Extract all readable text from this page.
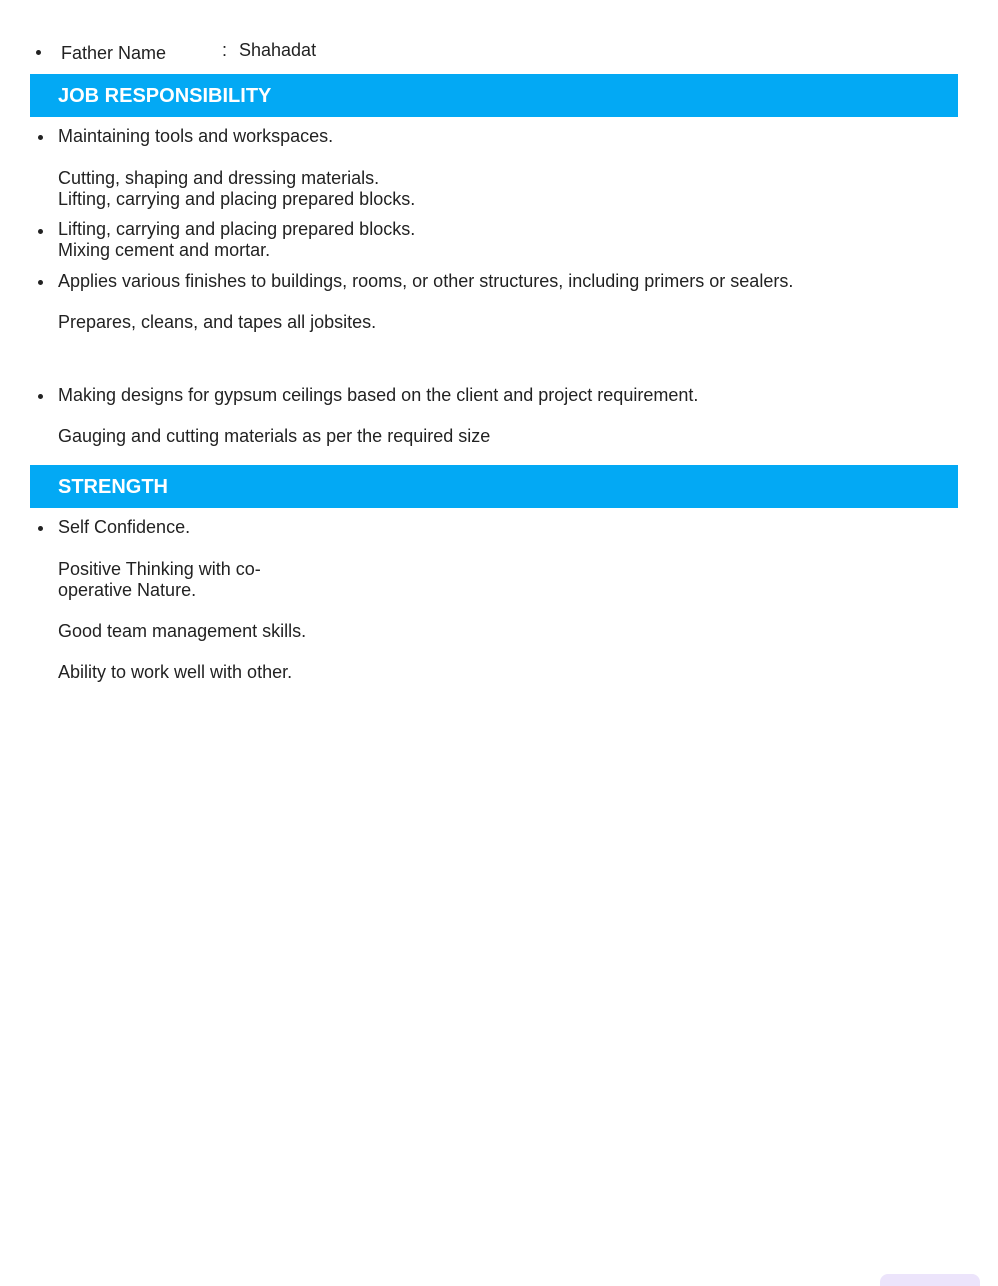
Father Name	: Shahadat
JOB RESPONSIBILITY
Maintaining tools and workspaces.
Cutting, shaping and dressing materials.
Lifting, carrying and placing prepared blocks.
Lifting, carrying and placing prepared blocks.
Mixing cement and mortar.
Applies various finishes to buildings, rooms, or other structures, including primers or sealers.
Prepares, cleans, and tapes all jobsites.
Making designs for gypsum ceilings based on the client and project requirement.
Gauging and cutting materials as per the required size
STRENGTH
Self Confidence.
Positive Thinking with co-
operative Nature.
Good team management skills.
Ability to work well with other.
